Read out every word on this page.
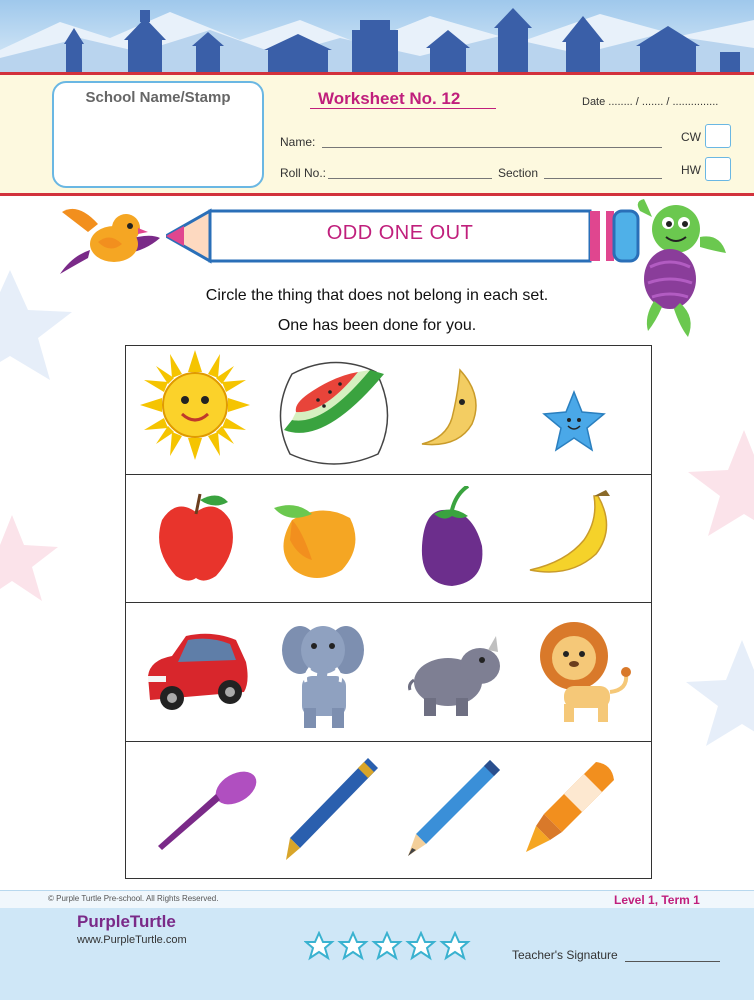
School Name/Stamp	Worksheet No. 12	Date ........ / ....... / ...............
Name:
Roll No.:	Section
CW
HW
ODD ONE OUT
Circle the thing that does not belong in each set.
One has been done for you.
© Purple Turtle Pre-school. All Rights Reserved.	Level 1, Term 1
PurpleTurtle
www.PurpleTurtle.com
Teacher's Signature
